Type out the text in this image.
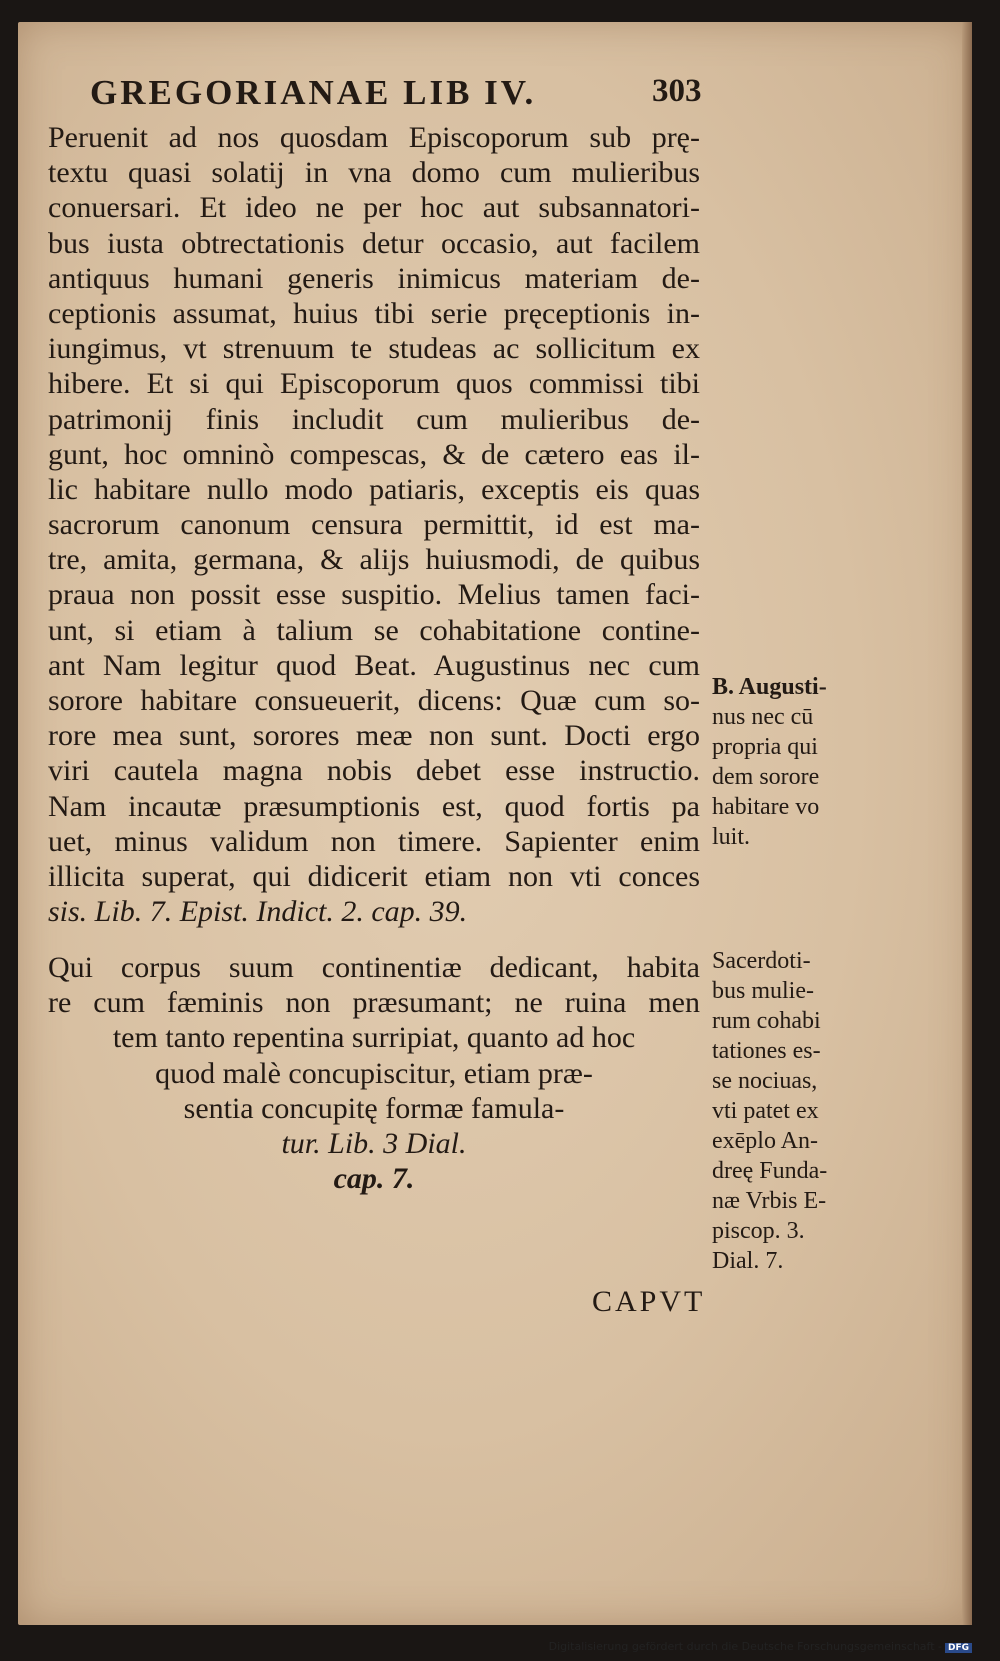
GREGORIANAE LIB IV.	303
Peruenit ad nos quosdam Episcoporum sub prę-
textu quasi solatij in vna domo cum mulieribus
conuersari. Et ideo ne per hoc aut subsannatori-
bus iusta obtrectationis detur occasio, aut facilem
antiquus humani generis inimicus materiam de-
ceptionis assumat, huius tibi serie pręceptionis in-
iungimus, vt strenuum te studeas ac sollicitum ex
hibere. Et si qui Episcoporum quos commissi tibi
patrimonij finis includit cum mulieribus de-
gunt, hoc omninò compescas, & de cætero eas il-
lic habitare nullo modo patiaris, exceptis eis quas
sacrorum canonum censura permittit, id est ma-
tre, amita, germana, & alijs huiusmodi, de quibus
praua non possit esse suspitio. Melius tamen faci-
unt, si etiam à talium se cohabitatione contine-
ant Nam legitur quod Beat. Augustinus nec cum
sorore habitare consueuerit, dicens: Quæ cum so-
rore mea sunt, sorores meæ non sunt. Docti ergo
viri cautela magna nobis debet esse instructio.
Nam incautæ præsumptionis est, quod fortis pa
uet, minus validum non timere. Sapienter enim
illicita superat, qui didicerit etiam non vti conces
sis. Lib. 7. Epist. Indict. 2. cap. 39.
Qui corpus suum continentiæ dedicant, habita
re cum fæminis non præsumant; ne ruina men
tem tanto repentina surripiat, quanto ad hoc
quod malè concupiscitur, etiam præ-
sentia concupitę formæ famula-
tur. Lib. 3 Dial.
cap. 7.
B. Augusti-
nus nec cū
propria qui
dem sorore
habitare vo
luit.
Sacerdoti-
bus mulie-
rum cohabi
tationes es-
se nociuas,
vti patet ex
exēplo An-
dreę Funda-
næ Vrbis E-
piscop. 3.
Dial. 7.
CAPVT
Digitalisierung gefördert durch die Deutsche Forschungsgemeinschaft - DFG
